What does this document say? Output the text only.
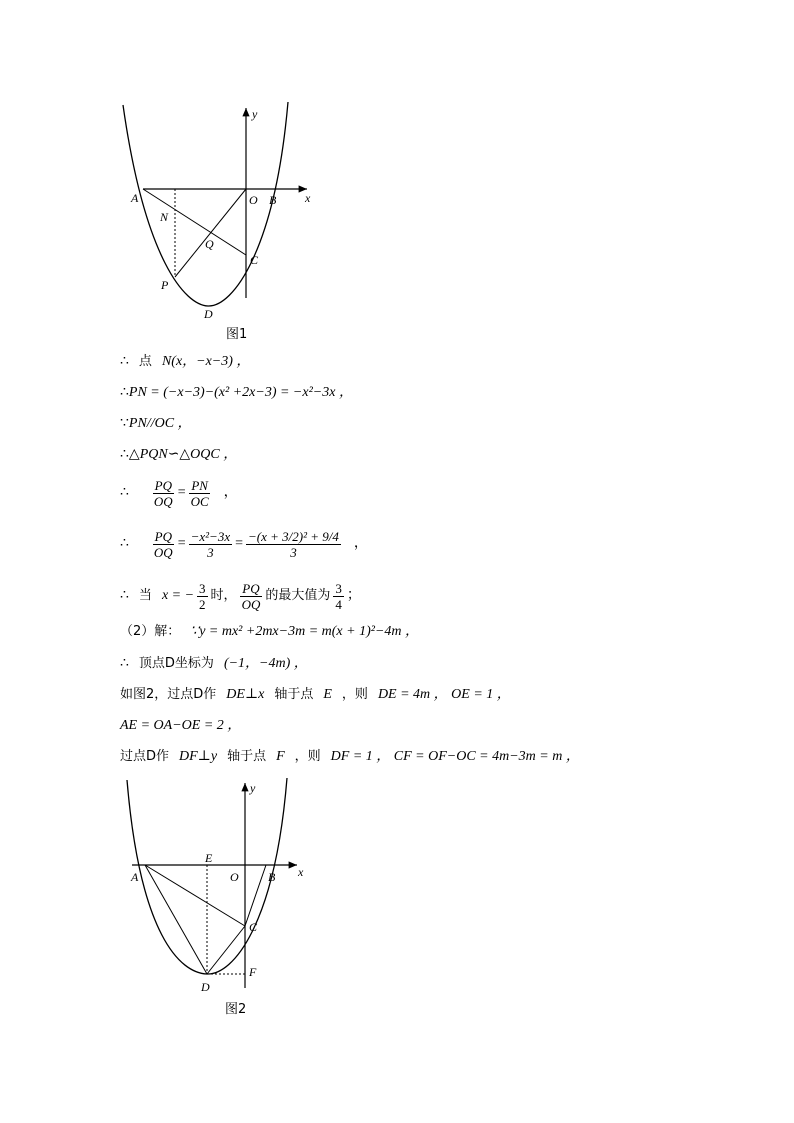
y
x
A	O B
N
Q
C
P
D
图1
∴ 点 N(x，−x−3) ，
∴ PN = (−x−3)−(x² +2x−3) = −x²−3x ，
∵ PN//OC ，
∴ △PQN∽△OQC ，
∴ $\frac{PQ}{OQ} = \frac{PN}{OC}$ ，
∴ $\frac{PQ}{OQ} = \frac{\text{−x²−3x}}{3} = \frac{\text{−(x + 3/2)² + 9/4}}{3}$ ，
∴ 当 x = − $\frac{3}{2}$ 时， $\frac{PQ}{OQ}$ 的最大值为 $\frac{3}{4}$ ；
（2）解： ∵y = mx² +2mx−3m = m(x + 1)²−4m ，
∴ 顶点D坐标为 (−1，−4m) ，
如图2，过点D作 DE⊥x 轴于点 E ，则 DE = 4m ， OE = 1 ，
AE = OA−OE = 2 ，
过点D作 DF⊥y 轴于点 F ，则 DF = 1 ， CF = OF−OC = 4m−3m = m ，
y
x
A
E
O B
C
F
D
图2
